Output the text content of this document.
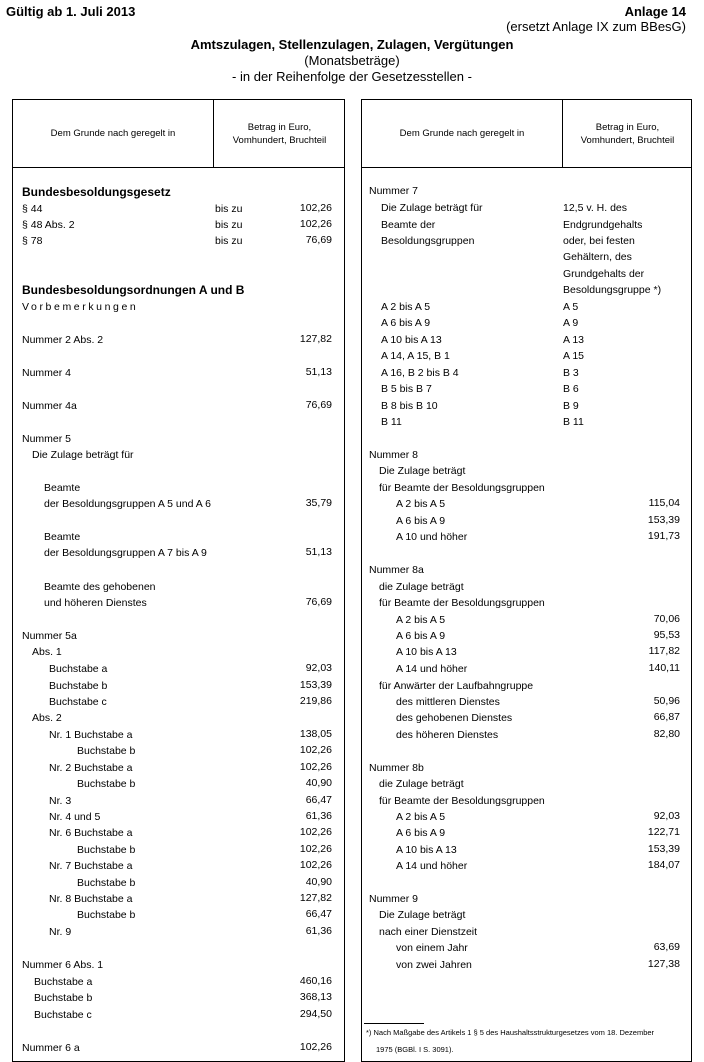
Gültig ab 1. Juli 2013	Anlage 14
(ersetzt Anlage IX zum BBesG)
Amtszulagen, Stellenzulagen, Zulagen, Vergütungen
(Monatsbeträge)
- in der Reihenfolge der Gesetzesstellen -
Dem Grunde nach geregelt in
Betrag in Euro,
Vomhundert, Bruchteil
Dem Grunde nach geregelt in
Betrag in Euro,
Vomhundert, Bruchteil
Bundesbesoldungsgesetz
§ 44	bis zu	102,26
§ 48 Abs. 2	bis zu	102,26
§ 78	bis zu	76,69
Bundesbesoldungsordnungen A und B
Vorbemerkungen
Nummer 2 Abs. 2	127,82
Nummer 4	51,13
Nummer 4a	76,69
Nummer 5
Die Zulage beträgt für
Beamte
der Besoldungsgruppen A 5 und A 6	35,79
Beamte
der Besoldungsgruppen A 7 bis A 9	51,13
Beamte des gehobenen
und höheren Dienstes	76,69
Nummer 5a
Abs. 1
Buchstabe a	92,03
Buchstabe b	153,39
Buchstabe c	219,86
Abs. 2
Nr. 1 Buchstabe a	138,05
Buchstabe b	102,26
Nr. 2 Buchstabe a	102,26
Buchstabe b	40,90
Nr. 3	66,47
Nr. 4 und 5	61,36
Nr. 6 Buchstabe a	102,26
Buchstabe b	102,26
Nr. 7 Buchstabe a	102,26
Buchstabe b	40,90
Nr. 8 Buchstabe a	127,82
Buchstabe b	66,47
Nr. 9	61,36
Nummer 6 Abs. 1
Buchstabe a	460,16
Buchstabe b	368,13
Buchstabe c	294,50
Nummer 6 a	102,26
Nummer 7
Die Zulage beträgt für	12,5 v. H. des
Beamte der	Endgrundgehalts
Besoldungsgruppen	oder, bei festen
Gehältern, des
Grundgehalts der
Besoldungsgruppe *)
A 2 bis A 5	A 5
A 6 bis A 9	A 9
A 10 bis A 13	A 13
A 14, A 15, B 1	A 15
A 16, B 2 bis B 4	B 3
B 5 bis B 7	B 6
B 8 bis B 10	B 9
B 11	B 11
Nummer 8
Die Zulage beträgt
für Beamte der Besoldungsgruppen
A 2 bis A 5	115,04
A 6 bis A 9	153,39
A 10 und höher	191,73
Nummer 8a
die Zulage beträgt
für Beamte der Besoldungsgruppen
A 2 bis A 5	70,06
A 6 bis A 9	95,53
A 10 bis A 13	117,82
A 14 und höher	140,11
für Anwärter der Laufbahngruppe
des mittleren Dienstes	50,96
des gehobenen Dienstes	66,87
des höheren Dienstes	82,80
Nummer 8b
die Zulage beträgt
für Beamte der Besoldungsgruppen
A 2 bis A 5	92,03
A 6 bis A 9	122,71
A 10 bis A 13	153,39
A 14 und höher	184,07
Nummer 9
Die Zulage beträgt
nach einer Dienstzeit
von einem Jahr	63,69
von zwei Jahren	127,38
*) Nach Maßgabe des Artikels 1 § 5 des Haushaltsstrukturgesetzes vom 18. Dezember
1975 (BGBl. I S. 3091).
